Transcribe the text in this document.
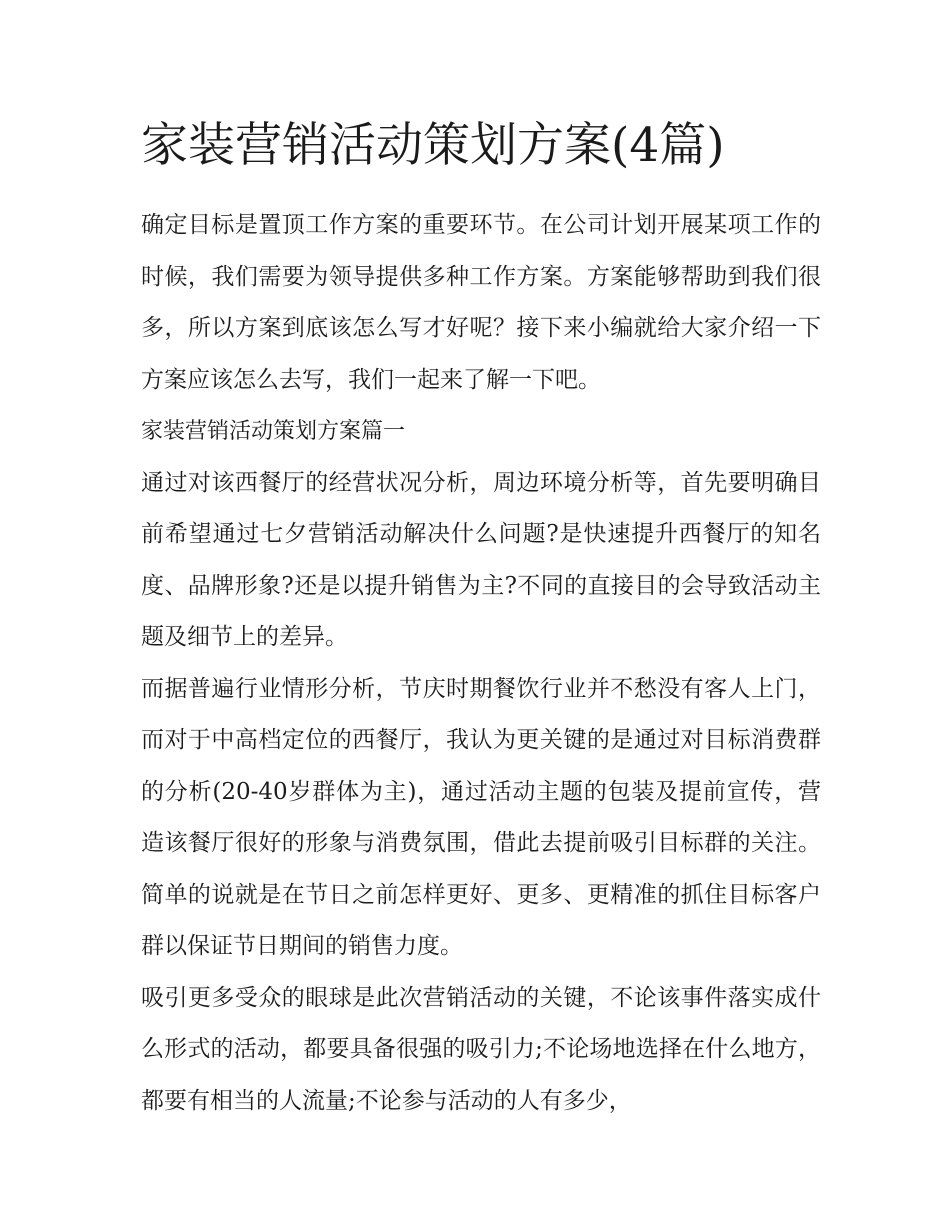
家装营销活动策划方案(4篇)

确定目标是置顶工作方案的重要环节。在公司计划开展某项工作的时候，我们需要为领导提供多种工作方案。方案能够帮助到我们很多，所以方案到底该怎么写才好呢？接下来小编就给大家介绍一下方案应该怎么去写，我们一起来了解一下吧。

家装营销活动策划方案篇一

通过对该西餐厅的经营状况分析，周边环境分析等，首先要明确目前希望通过七夕营销活动解决什么问题?是快速提升西餐厅的知名度、品牌形象?还是以提升销售为主?不同的直接目的会导致活动主题及细节上的差异。

而据普遍行业情形分析，节庆时期餐饮行业并不愁没有客人上门，而对于中高档定位的西餐厅，我认为更关键的是通过对目标消费群的分析(20-40岁群体为主)，通过活动主题的包装及提前宣传，营造该餐厅很好的形象与消费氛围，借此去提前吸引目标群的关注。简单的说就是在节日之前怎样更好、更多、更精准的抓住目标客户群以保证节日期间的销售力度。

吸引更多受众的眼球是此次营销活动的关键，不论该事件落实成什么形式的活动，都要具备很强的吸引力;不论场地选择在什么地方，都要有相当的人流量;不论参与活动的人有多少，
